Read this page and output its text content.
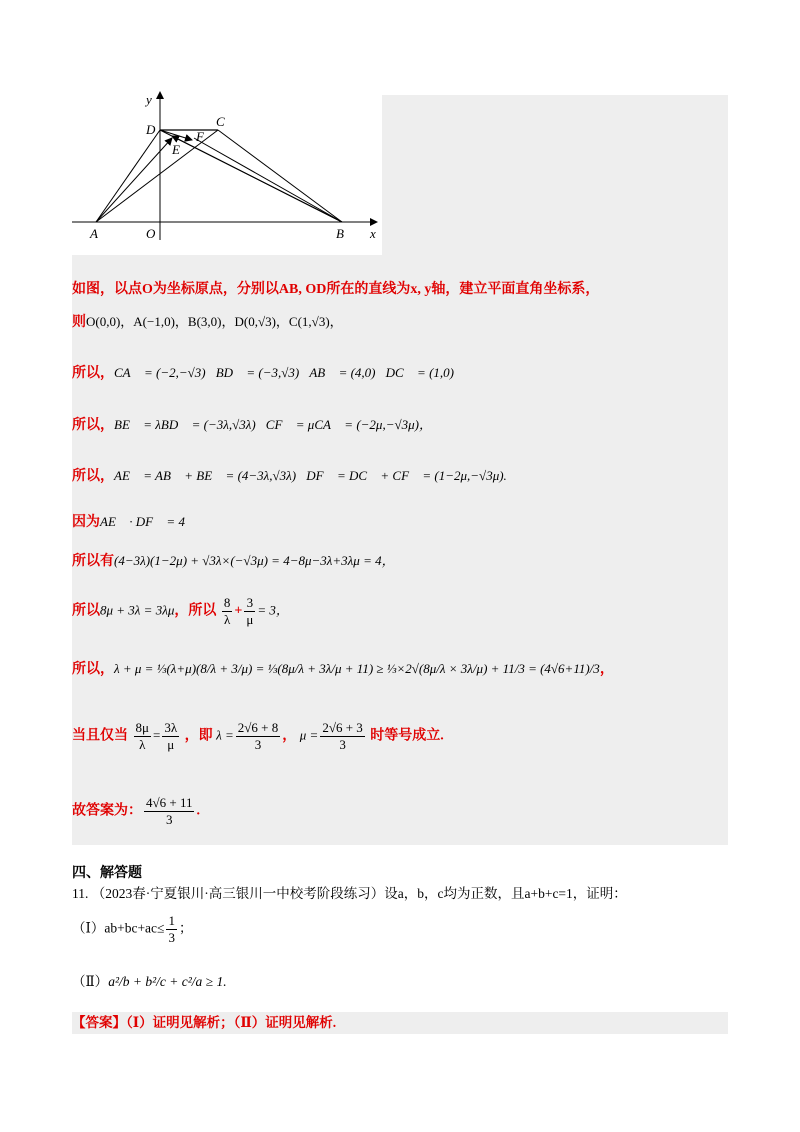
y
x
D
C
F
E
A	O	B
如图，以点O为坐标原点，分别以AB, OD所在的直线为x, y轴，建立平面直角坐标系，
则O(0,0)，A(−1,0)，B(3,0)，D(0,√3)，C(1,√3)，
所以，CA⃗ = (−2,−√3)，BD⃗ = (−3,√3)，AB⃗ = (4,0)，DC⃗ = (1,0)，
所以，BE⃗ = λBD⃗ = (−3λ,√3λ)，CF⃗ = μCA⃗ = (−2μ,−√3μ)，
所以，AE⃗ = AB⃗ + BE⃗ = (4−3λ,√3λ)，DF⃗ = DC⃗ + CF⃗ = (1−2μ,−√3μ).
因为AE⃗ · DF⃗ = 4，
所以有(4−3λ)(1−2μ) + √3λ×(−√3μ) = 4−8μ−3λ+3λμ = 4，
所以8μ + 3λ = 3λμ，所以 $\frac{8}{\lambda} + \frac{3}{\mu} = 3$，
所以，λ + μ = ⅓(λ+μ)(8/λ + 3/μ) = ⅓(8μ/λ + 3λ/μ + 11) ≥ ⅓×2√(8μ/λ × 3λ/μ) + 11/3 = (4√6+11)/3，
当且仅当 $\frac{8\mu}{\lambda} = \frac{3\lambda}{\mu}$ ，即 $\lambda = \frac{2√6 + 8}{3}$ ， $\mu = \frac{2√6 + 3}{3}$ 时等号成立.
故答案为： $\frac{4√6 + 11}{3}$ .
四、解答题
11. （2023春·宁夏银川·高三银川一中校考阶段练习）设a，b，c均为正数，且a+b+c=1，证明：
（Ⅰ）ab+bc+ac≤ $\frac{1}{3}$ ；
（Ⅱ）a²/b + b²/c + c²/a ≥ 1.
【答案】（Ⅰ）证明见解析；（Ⅱ）证明见解析.
